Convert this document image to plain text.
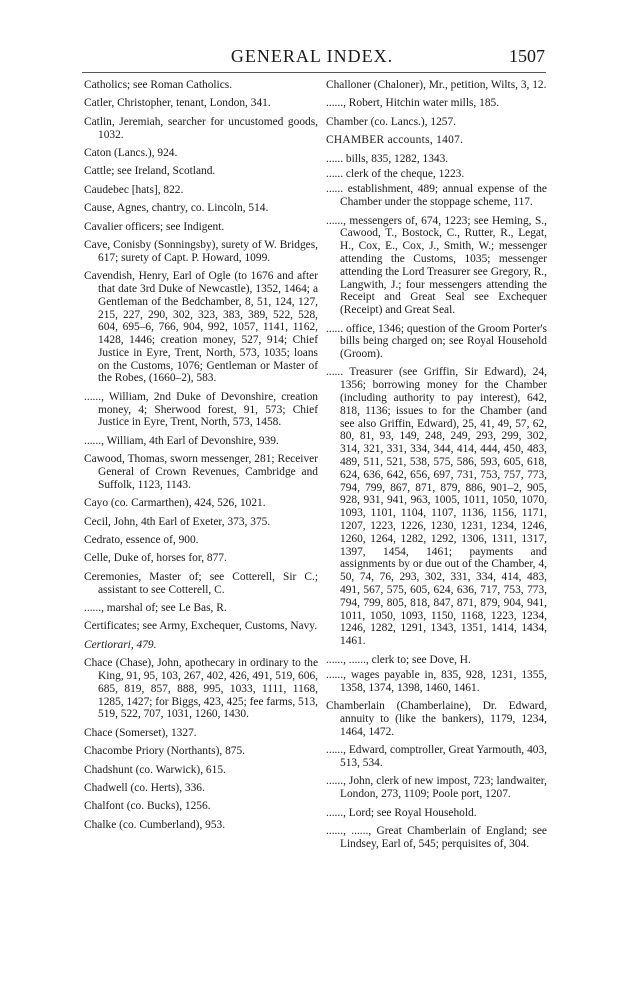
GENERAL INDEX.	1507

Catholics; see Roman Catholics.

Catler, Christopher, tenant, London, 341.

Catlin, Jeremiah, searcher for uncustomed goods, 1032.

Caton (Lancs.), 924.

Cattle; see Ireland, Scotland.

Caudebec [hats], 822.

Cause, Agnes, chantry, co. Lincoln, 514.

Cavalier officers; see Indigent.

Cave, Conisby (Sonningsby), surety of W. Bridges, 617; surety of Capt. P. Howard, 1099.

Cavendish, Henry, Earl of Ogle (to 1676 and after that date 3rd Duke of Newcastle), 1352, 1464; a Gentleman of the Bedchamber, 8, 51, 124, 127, 215, 227, 290, 302, 323, 383, 389, 522, 528, 604, 695–6, 766, 904, 992, 1057, 1141, 1162, 1428, 1446; creation money, 527, 914; Chief Justice in Eyre, Trent, North, 573, 1035; loans on the Customs, 1076; Gentleman or Master of the Robes, (1660–2), 583.

......, William, 2nd Duke of Devonshire, creation money, 4; Sherwood forest, 91, 573; Chief Justice in Eyre, Trent, North, 573, 1458.

......, William, 4th Earl of Devonshire, 939.

Cawood, Thomas, sworn messenger, 281; Receiver General of Crown Revenues, Cambridge and Suffolk, 1123, 1143.

Cayo (co. Carmarthen), 424, 526, 1021.

Cecil, John, 4th Earl of Exeter, 373, 375.

Cedrato, essence of, 900.

Celle, Duke of, horses for, 877.

Ceremonies, Master of; see Cotterell, Sir C.; assistant to see Cotterell, C.

......, marshal of; see Le Bas, R.

Certificates; see Army, Exchequer, Customs, Navy.

Certiorari, 479.

Chace (Chase), John, apothecary in ordinary to the King, 91, 95, 103, 267, 402, 426, 491, 519, 606, 685, 819, 857, 888, 995, 1033, 1111, 1168, 1285, 1427; for Biggs, 423, 425; fee farms, 513, 519, 522, 707, 1031, 1260, 1430.

Chace (Somerset), 1327.

Chacombe Priory (Northants), 875.

Chadshunt (co. Warwick), 615.

Chadwell (co. Herts), 336.

Chalfont (co. Bucks), 1256.

Chalke (co. Cumberland), 953.

Challoner (Chaloner), Mr., petition, Wilts, 3, 12.

......, Robert, Hitchin water mills, 185.

Chamber (co. Lancs.), 1257.

CHAMBER accounts, 1407.

...... bills, 835, 1282, 1343.

...... clerk of the cheque, 1223.

...... establishment, 489; annual expense of the Chamber under the stoppage scheme, 117.

......, messengers of, 674, 1223; see Heming, S., Cawood, T., Bostock, C., Rutter, R., Legat, H., Cox, E., Cox, J., Smith, W.; messenger attending the Customs, 1035; messenger attending the Lord Treasurer see Gregory, R., Langwith, J.; four messengers attending the Receipt and Great Seal see Exchequer (Receipt) and Great Seal.

...... office, 1346; question of the Groom Porter's bills being charged on; see Royal Household (Groom).

...... Treasurer (see Griffin, Sir Edward), 24, 1356; borrowing money for the Chamber (including authority to pay interest), 642, 818, 1136; issues to for the Chamber (and see also Griffin, Edward), 25, 41, 49, 57, 62, 80, 81, 93, 149, 248, 249, 293, 299, 302, 314, 321, 331, 334, 344, 414, 444, 450, 483, 489, 511, 521, 538, 575, 586, 593, 605, 618, 624, 636, 642, 656, 697, 731, 753, 757, 773, 794, 799, 867, 871, 879, 886, 901–2, 905, 928, 931, 941, 963, 1005, 1011, 1050, 1070, 1093, 1101, 1104, 1107, 1136, 1156, 1171, 1207, 1223, 1226, 1230, 1231, 1234, 1246, 1260, 1264, 1282, 1292, 1306, 1311, 1317, 1397, 1454, 1461; payments and assignments by or due out of the Chamber, 4, 50, 74, 76, 293, 302, 331, 334, 414, 483, 491, 567, 575, 605, 624, 636, 717, 753, 773, 794, 799, 805, 818, 847, 871, 879, 904, 941, 1011, 1050, 1093, 1150, 1168, 1223, 1234, 1246, 1282, 1291, 1343, 1351, 1414, 1434, 1461.

......, ......, clerk to; see Dove, H.

......, wages payable in, 835, 928, 1231, 1355, 1358, 1374, 1398, 1460, 1461.

Chamberlain (Chamberlaine), Dr. Edward, annuity to (like the bankers), 1179, 1234, 1464, 1472.

......, Edward, comptroller, Great Yarmouth, 403, 513, 534.

......, John, clerk of new impost, 723; landwaiter, London, 273, 1109; Poole port, 1207.

......, Lord; see Royal Household.

......, ......, Great Chamberlain of England; see Lindsey, Earl of, 545; perquisites of, 304.
